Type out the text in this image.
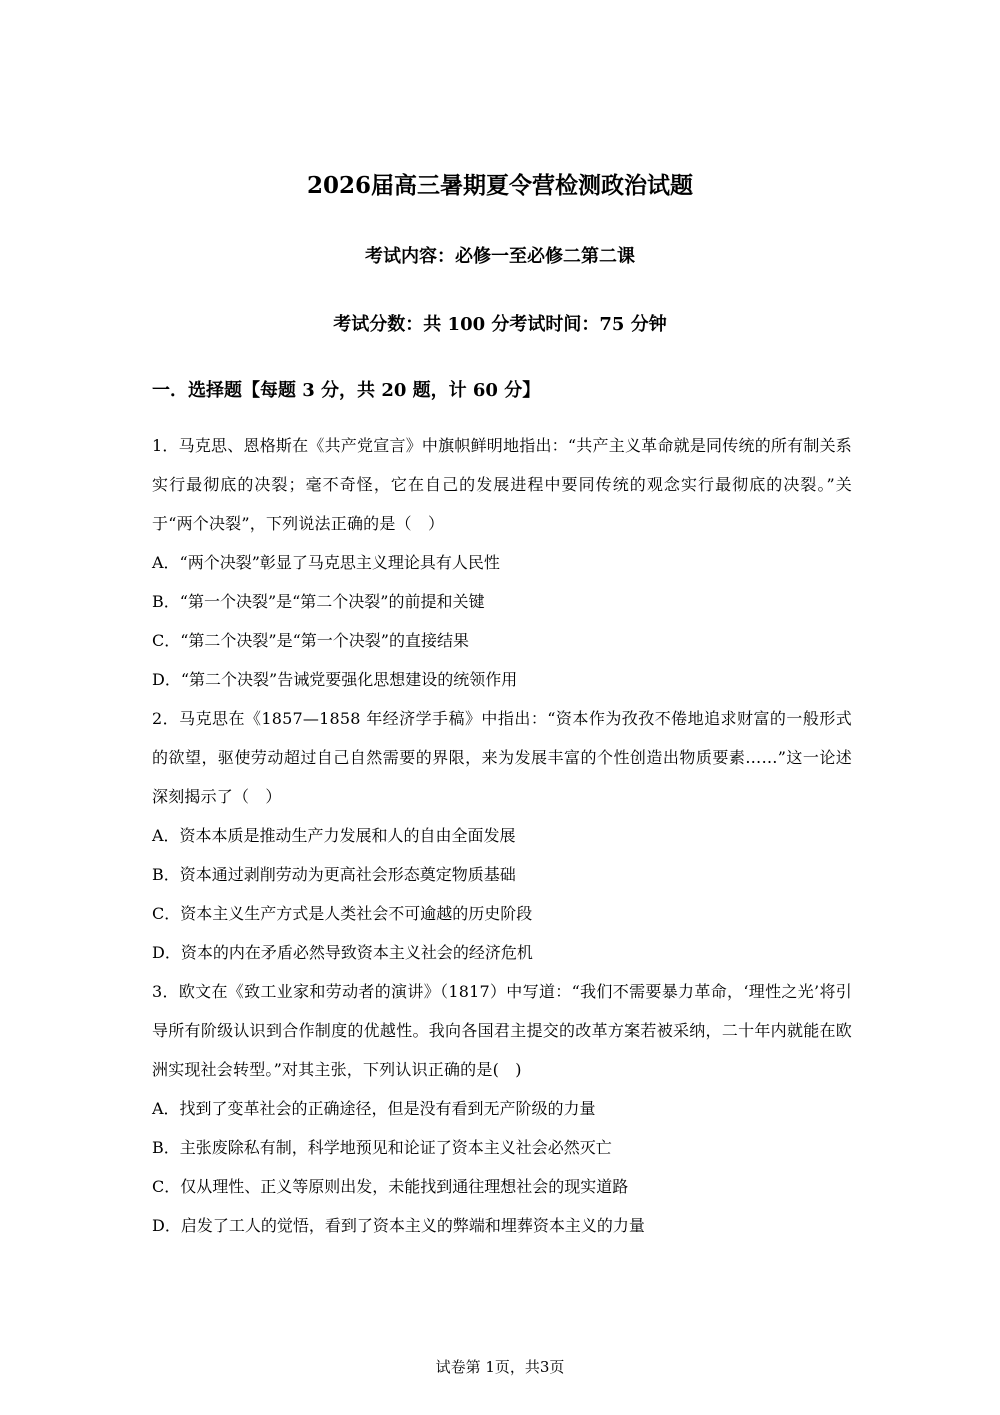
2026届高三暑期夏令营检测政治试题
考试内容：必修一至必修二第二课
考试分数：共 100 分考试时间：75 分钟
一．选择题【每题 3 分，共 20 题，计 60 分】

1．马克思、恩格斯在《共产党宣言》中旗帜鲜明地指出：“共产主义革命就是同传统的所有制关系实行最彻底的决裂；毫不奇怪，它在自己的发展进程中要同传统的观念实行最彻底的决裂。”关于“两个决裂”，下列说法正确的是（　）

A．“两个决裂”彰显了马克思主义理论具有人民性

B．“第一个决裂”是“第二个决裂”的前提和关键

C．“第二个决裂”是“第一个决裂”的直接结果

D．“第二个决裂”告诫党要强化思想建设的统领作用

2．马克思在《1857—1858 年经济学手稿》中指出：“资本作为孜孜不倦地追求财富的一般形式的欲望，驱使劳动超过自己自然需要的界限，来为发展丰富的个性创造出物质要素……”这一论述深刻揭示了（　）

A．资本本质是推动生产力发展和人的自由全面发展

B．资本通过剥削劳动为更高社会形态奠定物质基础

C．资本主义生产方式是人类社会不可逾越的历史阶段

D．资本的内在矛盾必然导致资本主义社会的经济危机

3．欧文在《致工业家和劳动者的演讲》（1817）中写道：“我们不需要暴力革命，‘理性之光’将引导所有阶级认识到合作制度的优越性。我向各国君主提交的改革方案若被采纳，二十年内就能在欧洲实现社会转型。”对其主张，下列认识正确的是(　)

A．找到了变革社会的正确途径，但是没有看到无产阶级的力量

B．主张废除私有制，科学地预见和论证了资本主义社会必然灭亡

C．仅从理性、正义等原则出发，未能找到通往理想社会的现实道路

D．启发了工人的觉悟，看到了资本主义的弊端和埋葬资本主义的力量

试卷第 1页，共3页
